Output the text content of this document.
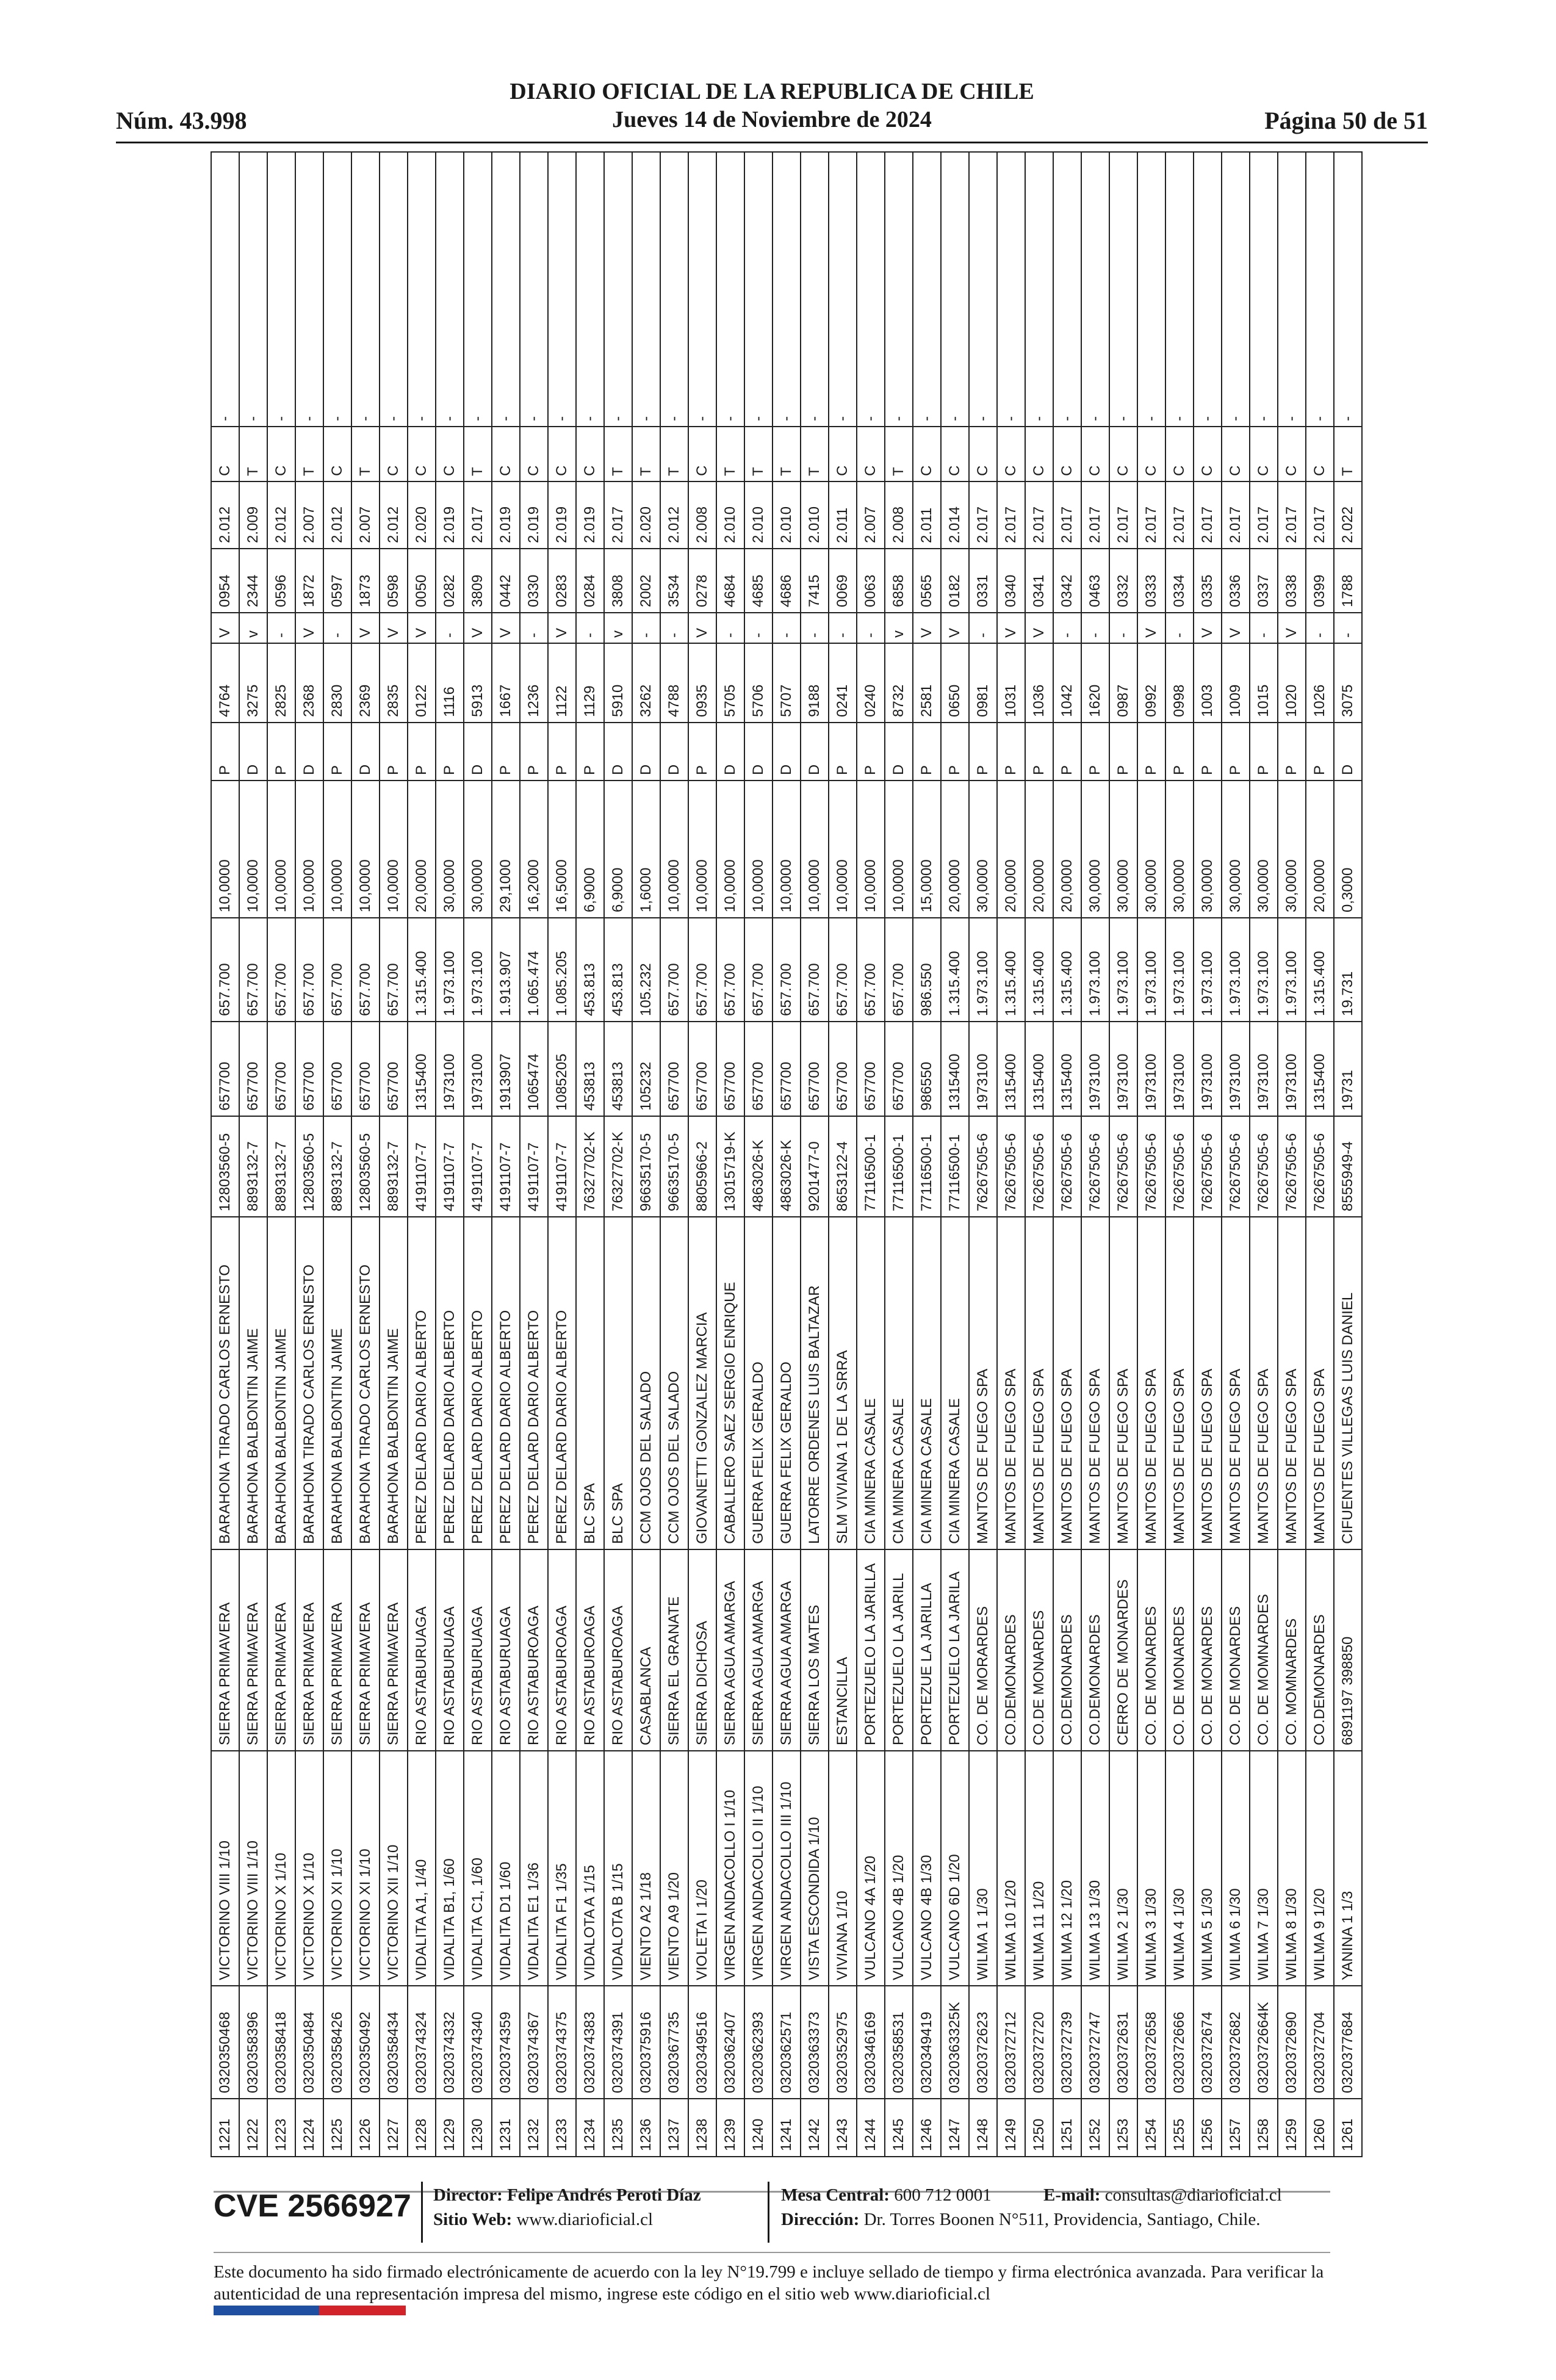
DIARIO OFICIAL DE LA REPUBLICA DE CHILE
Núm. 43.998	Jueves 14 de Noviembre de 2024	Página 50 de 51
1221	0320350468	VICTORINO VIII 1/10	SIERRA PRIMAVERA	BARAHONA TIRADO CARLOS ERNESTO	12803560-5	657700	657.700	10,0000	P	4764	V	0954	2.012	C	-
1222	0320358396	VICTORINO VIII 1/10	SIERRA PRIMAVERA	BARAHONA BALBONTIN JAIME	8893132-7	657700	657.700	10,0000	D	3275	v	2344	2.009	T	-
1223	0320358418	VICTORINO X 1/10	SIERRA PRIMAVERA	BARAHONA BALBONTIN JAIME	8893132-7	657700	657.700	10,0000	P	2825	-	0596	2.012	C	-
1224	0320350484	VICTORINO X 1/10	SIERRA PRIMAVERA	BARAHONA TIRADO CARLOS ERNESTO	12803560-5	657700	657.700	10,0000	D	2368	V	1872	2.007	T	-
1225	0320358426	VICTORINO XI 1/10	SIERRA PRIMAVERA	BARAHONA BALBONTIN JAIME	8893132-7	657700	657.700	10,0000	P	2830	-	0597	2.012	C	-
1226	0320350492	VICTORINO XI 1/10	SIERRA PRIMAVERA	BARAHONA TIRADO CARLOS ERNESTO	12803560-5	657700	657.700	10,0000	D	2369	V	1873	2.007	T	-
1227	0320358434	VICTORINO XII 1/10	SIERRA PRIMAVERA	BARAHONA BALBONTIN JAIME	8893132-7	657700	657.700	10,0000	P	2835	V	0598	2.012	C	-
1228	0320374324	VIDALITA A1, 1/40	RIO ASTABURUAGA	PEREZ DELARD DARIO ALBERTO	4191107-7	1315400	1.315.400	20,0000	P	0122	V	0050	2.020	C	-
1229	0320374332	VIDALITA B1, 1/60	RIO ASTABURUAGA	PEREZ DELARD DARIO ALBERTO	4191107-7	1973100	1.973.100	30,0000	P	1116	-	0282	2.019	C	-
1230	0320374340	VIDALITA C1, 1/60	RIO ASTABURUAGA	PEREZ DELARD DARIO ALBERTO	4191107-7	1973100	1.973.100	30,0000	D	5913	V	3809	2.017	T	-
1231	0320374359	VIDALITA D1 1/60	RIO ASTABURUAGA	PEREZ DELARD DARIO ALBERTO	4191107-7	1913907	1.913.907	29,1000	P	1667	V	0442	2.019	C	-
1232	0320374367	VIDALITA E1 1/36	RIO ASTABUROAGA	PEREZ DELARD DARIO ALBERTO	4191107-7	1065474	1.065.474	16,2000	P	1236	-	0330	2.019	C	-
1233	0320374375	VIDALITA F1 1/35	RIO ASTABUROAGA	PEREZ DELARD DARIO ALBERTO	4191107-7	1085205	1.085.205	16,5000	P	1122	V	0283	2.019	C	-
1234	0320374383	VIDALOTA A 1/15	RIO ASTABUROAGA	BLC SPA	76327702-K	453813	453.813	6,9000	P	1129	-	0284	2.019	C	-
1235	0320374391	VIDALOTA B 1/15	RIO ASTABUROAGA	BLC SPA	76327702-K	453813	453.813	6,9000	D	5910	v	3808	2.017	T	-
1236	0320375916	VIENTO A2 1/18	CASABLANCA	CCM OJOS DEL SALADO	96635170-5	105232	105.232	1,6000	D	3262	-	2002	2.020	T	-
1237	0320367735	VIENTO A9 1/20	SIERRA EL GRANATE	CCM OJOS DEL SALADO	96635170-5	657700	657.700	10,0000	D	4788	-	3534	2.012	T	-
1238	0320349516	VIOLETA I 1/20	SIERRA DICHOSA	GIOVANETTI GONZALEZ MARCIA	8805966-2	657700	657.700	10,0000	P	0935	V	0278	2.008	C	-
1239	0320362407	VIRGEN ANDACOLLO I 1/10	SIERRA AGUA AMARGA	CABALLERO SAEZ SERGIO ENRIQUE	13015719-K	657700	657.700	10,0000	D	5705	-	4684	2.010	T	-
1240	0320362393	VIRGEN ANDACOLLO II 1/10	SIERRA AGUA AMARGA	GUERRA FELIX GERALDO	4863026-K	657700	657.700	10,0000	D	5706	-	4685	2.010	T	-
1241	0320362571	VIRGEN ANDACOLLO III 1/10	SIERRA AGUA AMARGA	GUERRA FELIX GERALDO	4863026-K	657700	657.700	10,0000	D	5707	-	4686	2.010	T	-
1242	0320363373	VISTA ESCONDIDA 1/10	SIERRA LOS MATES	LATORRE ORDENES LUIS BALTAZAR	9201477-0	657700	657.700	10,0000	D	9188	-	7415	2.010	T	-
1243	0320352975	VIVIANA 1/10	ESTANCILLA	SLM VIVIANA 1 DE LA SRRA	8653122-4	657700	657.700	10,0000	P	0241	-	0069	2.011	C	-
1244	0320346169	VULCANO 4A 1/20	PORTEZUELO LA JARILLA	CIA MINERA CASALE	77116500-1	657700	657.700	10,0000	P	0240	-	0063	2.007	C	-
1245	0320358531	VULCANO 4B 1/20	PORTEZUELO LA JARILL	CIA MINERA CASALE	77116500-1	657700	657.700	10,0000	D	8732	v	6858	2.008	T	-
1246	0320349419	VULCANO 4B 1/30	PORTEZUE LA JARILLA	CIA MINERA CASALE	77116500-1	986550	986.550	15,0000	P	2581	V	0565	2.011	C	-
1247	0320363325K	VULCANO 6D 1/20	PORTEZUELO LA JARILA	CIA MINERA CASALE	77116500-1	1315400	1.315.400	20,0000	P	0650	V	0182	2.014	C	-
1248	0320372623	WILMA 1 1/30	CO. DE MORARDES	MANTOS DE FUEGO SPA	76267505-6	1973100	1.973.100	30,0000	P	0981	-	0331	2.017	C	-
1249	0320372712	WILMA 10 1/20	CO.DEMONARDES	MANTOS DE FUEGO SPA	76267505-6	1315400	1.315.400	20,0000	P	1031	V	0340	2.017	C	-
1250	0320372720	WILMA 11 1/20	CO.DE MONARDES	MANTOS DE FUEGO SPA	76267505-6	1315400	1.315.400	20,0000	P	1036	V	0341	2.017	C	-
1251	0320372739	WILMA 12 1/20	CO.DEMONARDES	MANTOS DE FUEGO SPA	76267505-6	1315400	1.315.400	20,0000	P	1042	-	0342	2.017	C	-
1252	0320372747	WILMA 13 1/30	CO.DEMONARDES	MANTOS DE FUEGO SPA	76267505-6	1973100	1.973.100	30,0000	P	1620	-	0463	2.017	C	-
1253	0320372631	WILMA 2 1/30	CERRO DE MONARDES	MANTOS DE FUEGO SPA	76267505-6	1973100	1.973.100	30,0000	P	0987	-	0332	2.017	C	-
1254	0320372658	WILMA 3 1/30	CO. DE MONARDES	MANTOS DE FUEGO SPA	76267505-6	1973100	1.973.100	30,0000	P	0992	V	0333	2.017	C	-
1255	0320372666	WILMA 4 1/30	CO. DE MONARDES	MANTOS DE FUEGO SPA	76267505-6	1973100	1.973.100	30,0000	P	0998	-	0334	2.017	C	-
1256	0320372674	WILMA 5 1/30	CO. DE MONARDES	MANTOS DE FUEGO SPA	76267505-6	1973100	1.973.100	30,0000	P	1003	V	0335	2.017	C	-
1257	0320372682	WILMA 6 1/30	CO. DE MONARDES	MANTOS DE FUEGO SPA	76267505-6	1973100	1.973.100	30,0000	P	1009	V	0336	2.017	C	-
1258	0320372664K	WILMA 7 1/30	CO. DE MOMNARDES	MANTOS DE FUEGO SPA	76267505-6	1973100	1.973.100	30,0000	P	1015	-	0337	2.017	C	-
1259	0320372690	WILMA 8 1/30	CO. MOMNARDES	MANTOS DE FUEGO SPA	76267505-6	1973100	1.973.100	30,0000	P	1020	V	0338	2.017	C	-
1260	0320372704	WILMA 9 1/20	CO.DEMONARDES	MANTOS DE FUEGO SPA	76267505-6	1315400	1.315.400	20,0000	P	1026	-	0399	2.017	C	-
1261	0320377684	YANINA 1 1/3	6891197 398850	CIFUENTES VILLEGAS LUIS DANIEL	8555949-4	19731	19.731	0,3000	D	3075	-	1788	2.022	T	-
CVE 2566927 Director: Felipe Andrés Peroti Díaz
Sitio Web: www.diarioficial.cl
Mesa Central: 600 712 0001	E-mail: consultas@diarioficial.cl
Dirección: Dr. Torres Boonen N°511, Providencia, Santiago, Chile.
Este documento ha sido firmado electrónicamente de acuerdo con la ley N°19.799 e incluye sellado de tiempo y firma electrónica avanzada. Para verificar la autenticidad de una representación impresa del mismo, ingrese este código en el sitio web www.diarioficial.cl
